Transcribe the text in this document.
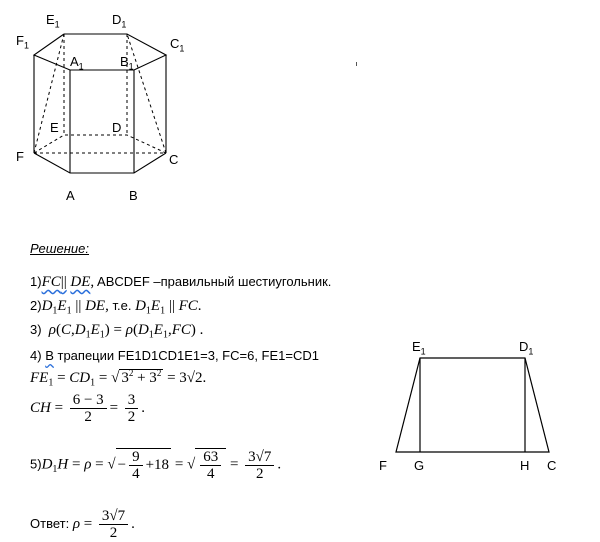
$E_1$	$D_1$
$F_1$	$C_1$
$A_1$	$B_1$
E	D
F	C
A	B
$E_1$	$D_1$
F G	H C
Решение:
1)FC|| DE, ABCDEF –правильный шестиугольник.
$2)D_1E_1$ || DE, т.е. $D_1E_1$ || FC.
3) $\rho(C,D_1E_1) = \rho(D_1E_1,FC)$ .
4) В трапеции FE1D1CD1E1=3, FC=6, FE1=CD1
$FE_1 = CD_1$ = √ $3^2 + 3^2 = 3√2$.
CH = $\frac{6 - 3}{2} = \frac{3}{2}$ .
$5)D_1H = \rho$ = √ − $\frac{9}{4} +18$ = √ $\frac{63}{4} = \frac{3√7}{2}$ .
Ответ: $\rho = \frac{3√7}{2}$ .
